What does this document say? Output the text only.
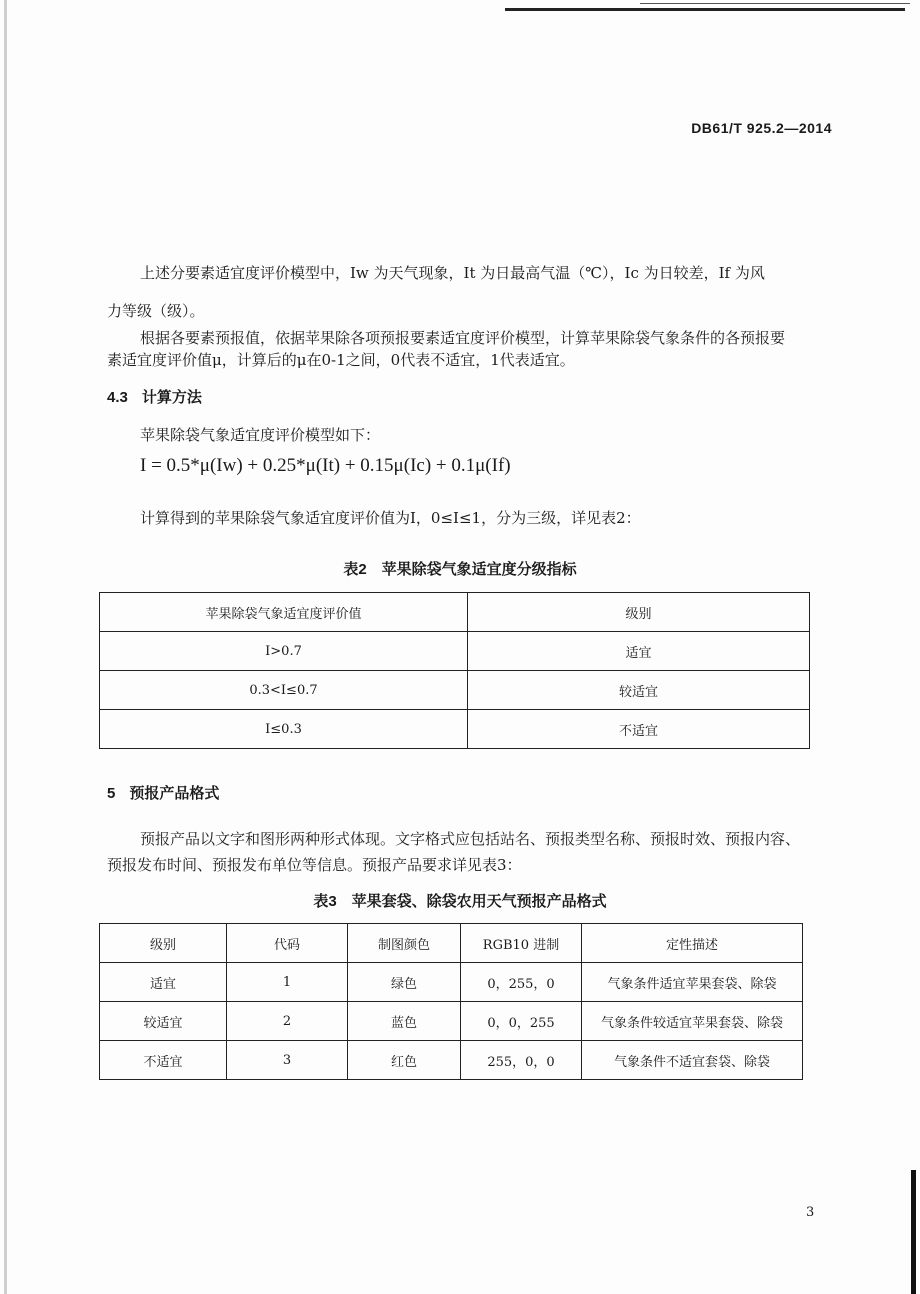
DB61/T 925.2—2014
上述分要素适宜度评价模型中，Iw 为天气现象，It 为日最高气温（℃），Ic 为日较差，If 为风
力等级（级）。
根据各要素预报值，依据苹果除各项预报要素适宜度评价模型，计算苹果除袋气象条件的各预报要
素适宜度评价值μ，计算后的μ在0-1之间，0代表不适宜，1代表适宜。
4.3 计算方法
苹果除袋气象适宜度评价模型如下：
I = 0.5*μ(Iw) + 0.25*μ(It) + 0.15μ(Ic) + 0.1μ(If)
计算得到的苹果除袋气象适宜度评价值为I，0≤I≤1，分为三级，详见表2：
表2　苹果除袋气象适宜度分级指标
苹果除袋气象适宜度评价值	级别
I>0.7	适宜
0.3<I≤0.7	较适宜
I≤0.3	不适宜
5 预报产品格式
预报产品以文字和图形两种形式体现。文字格式应包括站名、预报类型名称、预报时效、预报内容、
预报发布时间、预报发布单位等信息。预报产品要求详见表3：
表3　苹果套袋、除袋农用天气预报产品格式
级别	代码	制图颜色	RGB10 进制	定性描述
适宜	1	绿色	0，255，0	气象条件适宜苹果套袋、除袋
较适宜	2	蓝色	0，0，255	气象条件较适宜苹果套袋、除袋
不适宜	3	红色	255，0，0	气象条件不适宜套袋、除袋
3
